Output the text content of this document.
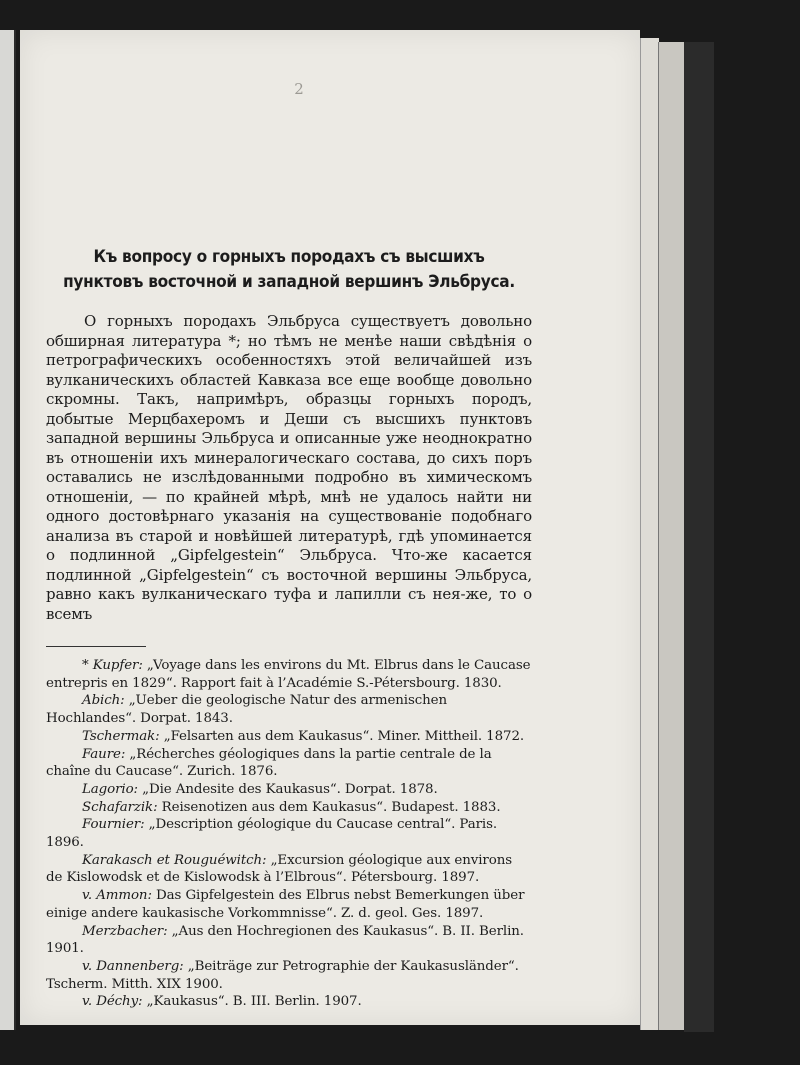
2
Къ вопросу о горныхъ породахъ съ высшихъ пунктовъ восточной и западной вершинъ Эльбруса.
О горныхъ породахъ Эльбруса существуетъ довольно обширная литература *; но тѣмъ не менѣе наши свѣдѣнія о петрографическихъ особенностяхъ этой величайшей изъ вулканическихъ областей Кавказа все еще вообще довольно скромны. Такъ, напримѣръ, образцы горныхъ породъ, добытые Мерцбахеромъ и Деши съ высшихъ пунктовъ западной вершины Эльбруса и описанные уже неоднократно въ отношеніи ихъ минералогическаго состава, до сихъ поръ оставались не изслѣдованными подробно въ химическомъ отношеніи, — по крайней мѣрѣ, мнѣ не удалось найти ни одного достовѣрнаго указанія на существованіе подобнаго анализа въ старой и новѣйшей литературѣ, гдѣ упоминается о подлинной „Gipfelgestein“ Эльбруса. Что-же касается подлинной „Gipfelgestein“ съ восточной вершины Эльбруса, равно какъ вулканическаго туфа и лапилли съ нея-же, то о всемъ
* Kupfer: „Voyage dans les environs du Mt. Elbrus dans le Caucase entrepris en 1829“. Rapport fait à l’Académie S.-Pétersbourg. 1830.
Abich: „Ueber die geologische Natur des armenischen Hochlandes“. Dorpat. 1843.
Tschermak: „Felsarten aus dem Kaukasus“. Miner. Mittheil. 1872.
Faure: „Récherches géologiques dans la partie centrale de la chaîne du Caucase“. Zurich. 1876.
Lagorio: „Die Andesite des Kaukasus“. Dorpat. 1878.
Schafarzik: Reisenotizen aus dem Kaukasus“. Budapest. 1883.
Fournier: „Description géologique du Caucase central“. Paris. 1896.
Karakasch et Rouguéwitch: „Excursion géologique aux environs de Kislowodsk et de Kislowodsk à l’Elbrous“. Pétersbourg. 1897.
v. Ammon: Das Gipfelgestein des Elbrus nebst Bemerkungen über einige andere kaukasische Vorkommnisse“. Z. d. geol. Ges. 1897.
Merzbacher: „Aus den Hochregionen des Kaukasus“. B. II. Berlin. 1901.
v. Dannenberg: „Beiträge zur Petrographie der Kaukasusländer“. Tscherm. Mitth. XIX 1900.
v. Déchy: „Kaukasus“. B. III. Berlin. 1907.
